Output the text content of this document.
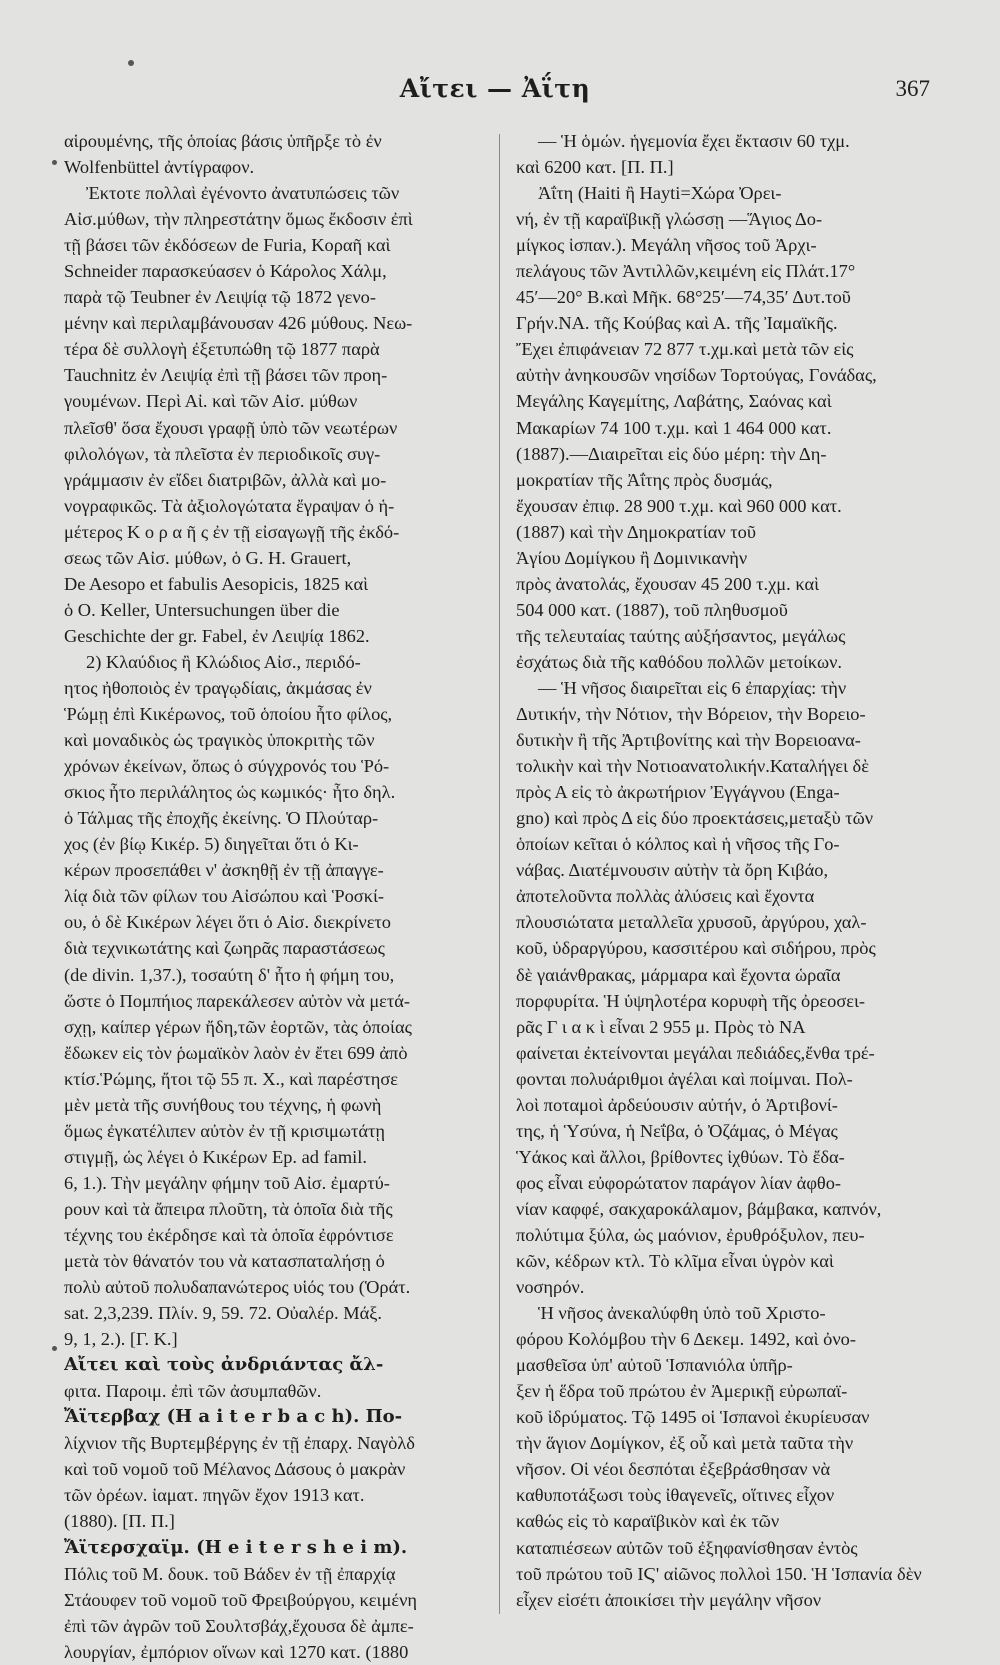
Αἴτει — Ἀΐτη	367
αἱρουμένης, τῆς ὁποίας βάσις ὑπῆρξε τὸ ἐν
Wolfenbüttel ἀντίγραφον.
Ἐκτοτε πολλαὶ ἐγένοντο ἀνατυπώσεις τῶν
Αἰσ.μύθων, τὴν πληρεστάτην ὅμως ἔκδοσιν ἐπὶ
τῇ βάσει τῶν ἐκδόσεων de Furia, Κοραῆ καὶ
Schneider παρασκεύασεν ὁ Κάρολος Χάλμ,
παρὰ τῷ Teubner ἐν Λειψίᾳ τῷ 1872 γενο-
μένην καὶ περιλαμβάνουσαν 426 μύθους. Νεω-
τέρα δὲ συλλογὴ ἐξετυπώθη τῷ 1877 παρὰ
Tauchnitz ἐν Λειψίᾳ ἐπὶ τῇ βάσει τῶν προη-
γουμένων. Περὶ Αἰ. καὶ τῶν Αἰσ. μύθων
πλεῖσθ' ὅσα ἔχουσι γραφῇ ὑπὸ τῶν νεωτέρων
φιλολόγων, τὰ πλεῖστα ἐν περιοδικοῖς συγ-
γράμμασιν ἐν εἴδει διατριβῶν, ἀλλὰ καὶ μο-
νογραφικῶς. Τὰ ἀξιολογώτατα ἔγραψαν ὁ ἡ-
μέτερος Κ ο ρ α ῆ ς ἐν τῇ εἰσαγωγῇ τῆς ἐκδό-
σεως τῶν Αἰσ. μύθων, ὁ G. H. Grauert,
De Aesopo et fabulis Aesopicis, 1825 καὶ
ὁ O. Keller, Untersuchungen über die
Geschichte der gr. Fabel, ἐν Λειψίᾳ 1862.
2) Κλαύδιος ἢ Κλώδιος Αἰσ., περιδό-
ητος ἠθοποιὸς ἐν τραγῳδίαις, ἀκμάσας ἐν
Ῥώμῃ ἐπὶ Κικέρωνος, τοῦ ὁποίου ἦτο φίλος,
καὶ μοναδικὸς ὡς τραγικὸς ὑποκριτὴς τῶν
χρόνων ἐκείνων, ὅπως ὁ σύγχρονός του Ῥό-
σκιος ἦτο περιλάλητος ὡς κωμικός· ἦτο δηλ.
ὁ Τάλμας τῆς ἐποχῆς ἐκείνης. Ὁ Πλούταρ-
χος (ἐν βίῳ Κικέρ. 5) διηγεῖται ὅτι ὁ Κι-
κέρων προσεπάθει ν' ἀσκηθῇ ἐν τῇ ἀπαγγε-
λίᾳ διὰ τῶν φίλων του Αἰσώπου καὶ Ῥοσκί-
ου, ὁ δὲ Κικέρων λέγει ὅτι ὁ Αἰσ. διεκρίνετο
διὰ τεχνικωτάτης καὶ ζωηρᾶς παραστάσεως
(de divin. 1,37.), τοσαύτη δ' ἦτο ἡ φήμη του,
ὥστε ὁ Πομπήιος παρεκάλεσεν αὐτὸν νὰ μετά-
σχῃ, καίπερ γέρων ἤδη,τῶν ἑορτῶν, τὰς ὁποίας
ἔδωκεν εἰς τὸν ῥωμαϊκὸν λαὸν ἐν ἔτει 699 ἀπὸ
κτίσ.Ῥώμης, ἤτοι τῷ 55 π. Χ., καὶ παρέστησε
μὲν μετὰ τῆς συνήθους του τέχνης, ἡ φωνὴ
ὅμως ἐγκατέλιπεν αὐτὸν ἐν τῇ κρισιμωτάτῃ
στιγμῇ, ὡς λέγει ὁ Κικέρων Ep. ad famil.
6, 1.). Τὴν μεγάλην φήμην τοῦ Αἰσ. ἐμαρτύ-
ρουν καὶ τὰ ἄπειρα πλοῦτη, τὰ ὁποῖα διὰ τῆς
τέχνης του ἐκέρδησε καὶ τὰ ὁποῖα ἐφρόντισε
μετὰ τὸν θάνατόν του νὰ κατασπαταλήσῃ ὁ
πολὺ αὐτοῦ πολυδαπανώτερος υἱός του (Ὁράτ.
sat. 2,3,239. Πλίν. 9, 59. 72. Οὐαλέρ. Μάξ.
9, 1, 2.). [Γ. Κ.]
Αἴτει καὶ τοὺς ἀνδριάντας ἄλ-
φιτα. Παροιμ. ἐπὶ τῶν ἀσυμπαθῶν.
Ἄϊτερβαχ (H a i t e r b a c h). Πο-
λίχνιον τῆς Βυρτεμβέργης ἐν τῇ ἐπαρχ. Ναγὸλδ
καὶ τοῦ νομοῦ τοῦ Μέλανος Δάσους ὁ μακρὰν
τῶν ὀρέων. ἰαματ. πηγῶν ἔχον 1913 κατ.
(1880). [Π. Π.]
Ἄϊτερσχαϊμ. (H e i t e r s h e i m).
Πόλις τοῦ Μ. δουκ. τοῦ Βάδεν ἐν τῇ ἐπαρχίᾳ
Στάουφεν τοῦ νομοῦ τοῦ Φρειβούργου, κειμένη
ἐπὶ τῶν ἀγρῶν τοῦ Σουλτσβάχ,ἔχουσα δὲ ἀμπε-
λουργίαν, ἐμπόριον οἴνων καὶ 1270 κατ. (1880
— Ἡ ὁμών. ἡγεμονία ἔχει ἔκτασιν 60 τχμ.
καὶ 6200 κατ. [Π. Π.]
Ἀΐτη (Haiti ἢ Hayti=Χώρα Ὀρει-
νή, ἐν τῇ καραϊβικῇ γλώσσῃ —Ἅγιος Δο-
μίγκος ἱσπαν.). Μεγάλη νῆσος τοῦ Ἀρχι-
πελάγους τῶν Ἀντιλλῶν,κειμένη εἰς Πλάτ.17°
45′—20° Β.καὶ Μῆκ. 68°25′—74,35′ Δυτ.τοῦ
Γρήν.ΝΑ. τῆς Κούβας καὶ Α. τῆς Ἰαμαϊκῆς.
Ἔχει ἐπιφάνειαν 72 877 τ.χμ.καὶ μετὰ τῶν εἰς
αὐτὴν ἀνηκουσῶν νησίδων Τορτούγας, Γονάδας,
Μεγάλης Καγεμίτης, Λαβάτης, Σαόνας καὶ
Μακαρίων 74 100 τ.χμ. καὶ 1 464 000 κατ.
(1887).—Διαιρεῖται εἰς δύο μέρη: τὴν Δη-
μοκρατίαν τῆς Ἀΐτης πρὸς δυσμάς,
ἔχουσαν ἐπιφ. 28 900 τ.χμ. καὶ 960 000 κατ.
(1887) καὶ τὴν Δημοκρατίαν τοῦ
Ἁγίου Δομίγκου ἢ Δομινικανὴν
πρὸς ἀνατολάς, ἔχουσαν 45 200 τ.χμ. καὶ
504 000 κατ. (1887), τοῦ πληθυσμοῦ
τῆς τελευταίας ταύτης αὐξήσαντος, μεγάλως
ἐσχάτως διὰ τῆς καθόδου πολλῶν μετοίκων.
— Ἡ νῆσος διαιρεῖται εἰς 6 ἐπαρχίας: τὴν
Δυτικήν, τὴν Νότιον, τὴν Βόρειον, τὴν Βορειο-
δυτικὴν ἢ τῆς Ἀρτιβονίτης καὶ τὴν Βορειοανα-
τολικὴν καὶ τὴν Νοτιοανατολικήν.Καταλήγει δὲ
πρὸς Α εἰς τὸ ἀκρωτήριον Ἐγγάγνου (Enga-
gno) καὶ πρὸς Δ εἰς δύο προεκτάσεις,μεταξὺ τῶν
ὁποίων κεῖται ὁ κόλπος καὶ ἡ νῆσος τῆς Γο-
νάβας. Διατέμνουσιν αὐτὴν τὰ ὄρη Κιβάο,
ἀποτελοῦντα πολλὰς ἀλύσεις καὶ ἔχοντα
πλουσιώτατα μεταλλεῖα χρυσοῦ, ἀργύρου, χαλ-
κοῦ, ὑδραργύρου, κασσιτέρου καὶ σιδήρου, πρὸς
δὲ γαιάνθρακας, μάρμαρα καὶ ἔχοντα ὡραῖα
πορφυρίτα. Ἡ ὑψηλοτέρα κορυφὴ τῆς ὀρεοσει-
ρᾶς Γ ι α κ ὶ εἶναι 2 955 μ. Πρὸς τὸ ΝΑ
φαίνεται ἐκτείνονται μεγάλαι πεδιάδες,ἔνθα τρέ-
φονται πολυάριθμοι ἀγέλαι καὶ ποίμναι. Πολ-
λοὶ ποταμοὶ ἀρδεύουσιν αὐτήν, ὁ Ἀρτιβονί-
της, ἡ Ὑσύνα, ἡ Νεΐβα, ὁ Ὀζάμας, ὁ Μέγας
Ὑάκος καὶ ἄλλοι, βρίθοντες ἰχθύων. Τὸ ἔδα-
φος εἶναι εὐφορώτατον παράγον λίαν ἀφθο-
νίαν καφφέ, σακχαροκάλαμον, βάμβακα, καπνόν,
πολύτιμα ξύλα, ὡς μαόνιον, ἐρυθρόξυλον, πευ-
κῶν, κέδρων κτλ. Τὸ κλῖμα εἶναι ὑγρὸν καὶ
νοσηρόν.
Ἡ νῆσος ἀνεκαλύφθη ὑπὸ τοῦ Χριστο-
φόρου Κολόμβου τὴν 6 Δεκεμ. 1492, καὶ ὀνο-
μασθεῖσα ὑπ' αὐτοῦ Ἱσπανιόλα ὑπῆρ-
ξεν ἡ ἕδρα τοῦ πρώτου ἐν Ἀμερικῇ εὐρωπαϊ-
κοῦ ἱδρύματος. Τῷ 1495 οἱ Ἱσπανοὶ ἐκυρίευσαν
τὴν ἅγιον Δομίγκον, ἐξ οὗ καὶ μετὰ ταῦτα τὴν
νῆσον. Οἱ νέοι δεσπόται ἐξεβράσθησαν νὰ
καθυποτάξωσι τοὺς ἰθαγενεῖς, οἵτινες εἶχον
καθώς εἰς τὸ καραϊβικὸν καὶ ἐκ τῶν
καταπιέσεων αὐτῶν τοῦ ἐξηφανίσθησαν ἐντὸς
τοῦ πρώτου τοῦ ΙϚ' αἰῶνος πολλοὶ 150. Ἡ Ἱσπανία δὲν
εἶχεν εἰσέτι ἀποικίσει τὴν μεγάλην νῆσον
